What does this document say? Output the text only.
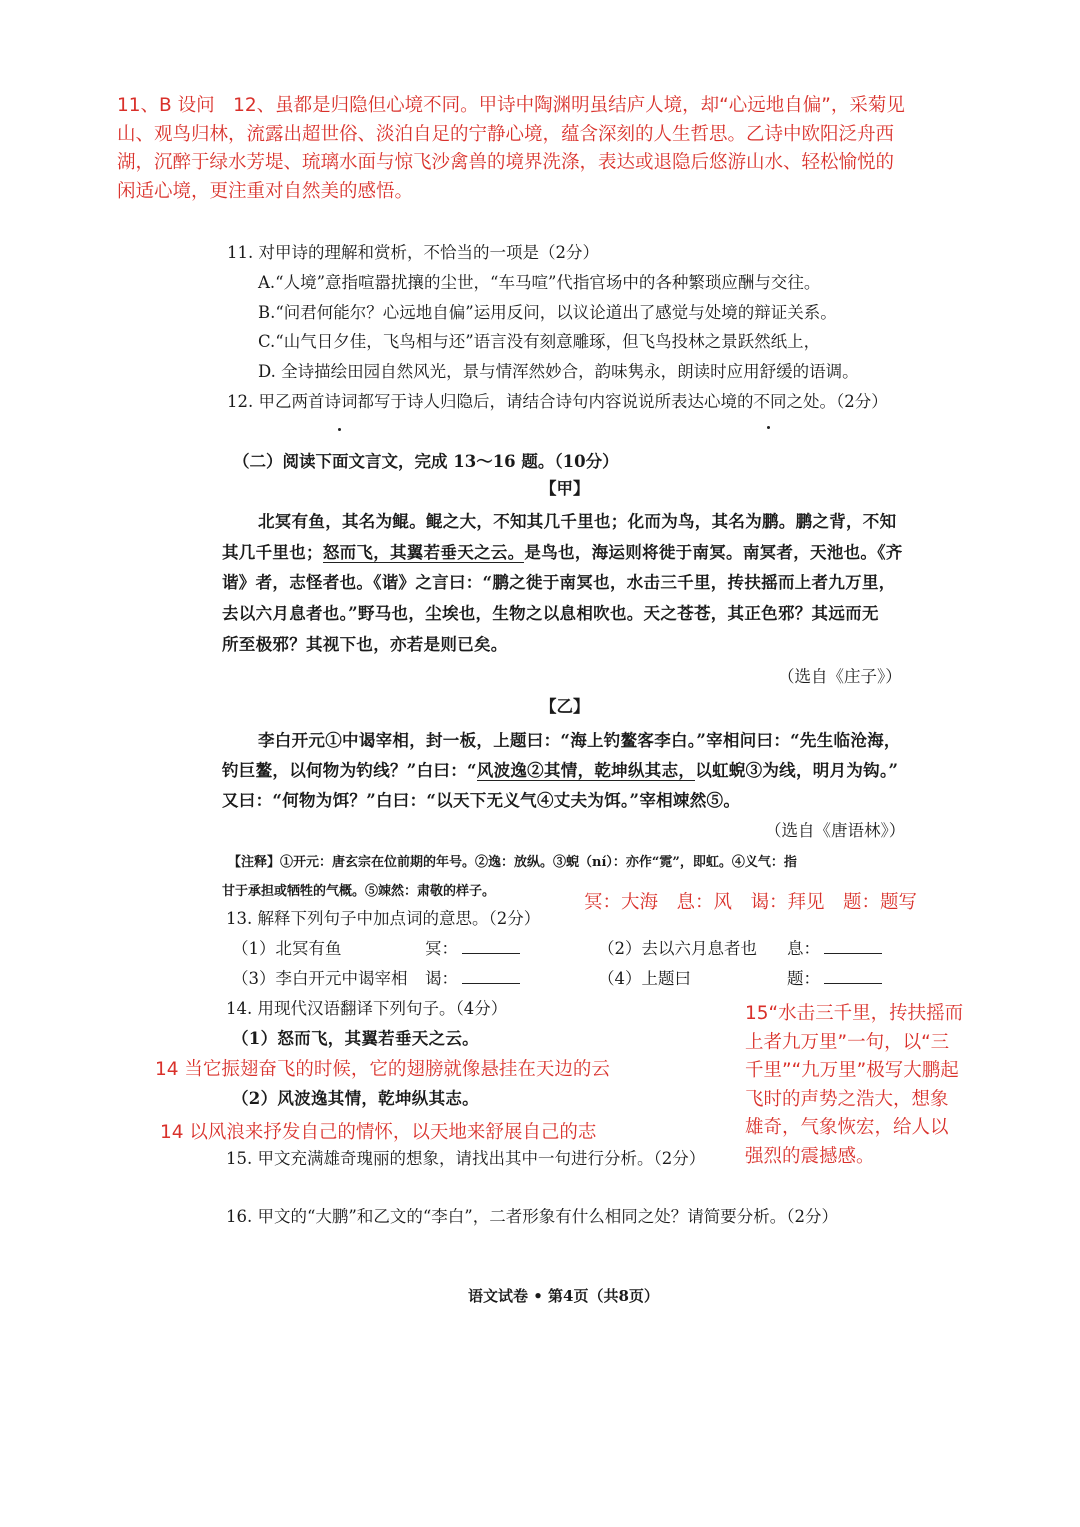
11、B 设问　12、虽都是归隐但心境不同。甲诗中陶渊明虽结庐人境，却“心远地自偏”，采菊见
山、观鸟归林，流露出超世俗、淡泊自足的宁静心境，蕴含深刻的人生哲思。乙诗中欧阳泛舟西
湖，沉醉于绿水芳堤、琉璃水面与惊飞沙禽兽的境界洗涤，表达或退隐后悠游山水、轻松愉悦的
闲适心境，更注重对自然美的感悟。
11. 对甲诗的理解和赏析，不恰当的一项是（2分）
A.“人境”意指喧嚣扰攘的尘世，“车马喧”代指官场中的各种繁琐应酬与交往。
B.“问君何能尔？心远地自偏”运用反问，以议论道出了感觉与处境的辩证关系。
C.“山气日夕佳，飞鸟相与还”语言没有刻意雕琢，但飞鸟投林之景跃然纸上，
D. 全诗描绘田园自然风光，景与情浑然妙合，韵味隽永，朗读时应用舒缓的语调。
12. 甲乙两首诗词都写于诗人归隐后，请结合诗句内容说说所表达心境的不同之处。（2分）
（二）阅读下面文言文，完成 13～16 题。（10分）
【甲】
北冥有鱼，其名为鲲。鲲之大，不知其几千里也；化而为鸟，其名为鹏。鹏之背，不知
其几千里也；怒而飞，其翼若垂天之云。是鸟也，海运则将徙于南冥。南冥者，天池也。《齐
谐》者，志怪者也。《谐》之言曰：“鹏之徙于南冥也，水击三千里，抟扶摇而上者九万里，
去以六月息者也。”野马也，尘埃也，生物之以息相吹也。天之苍苍，其正色邪？其远而无
所至极邪？其视下也，亦若是则已矣。
（选自《庄子》）
【乙】
李白开元①中谒宰相，封一板，上题曰：“海上钓鳌客李白。”宰相问曰：“先生临沧海，
钓巨鳌，以何物为钓线？”白曰：“风波逸②其情，乾坤纵其志，以虹蜺③为线，明月为钩。”
又曰：“何物为饵？”白曰：“以天下无义气④丈夫为饵。”宰相竦然⑤。
（选自《唐语林》）
【注释】①开元：唐玄宗在位前期的年号。②逸：放纵。③蜺（ní）：亦作“霓”，即虹。④义气：指
甘于承担或牺牲的气概。⑤竦然：肃敬的样子。
冥：大海　息：风　谒：拜见　题：题写
13. 解释下列句子中加点词的意思。（2分）
（1）北冥有鱼	冥：	（2）去以六月息者也 息：
（3）李白开元中谒宰相 谒：	（4）上题曰	题：
15“水击三千里，抟扶摇而
上者九万里”一句，以“三
千里”“九万里”极写大鹏起
飞时的声势之浩大，想象
雄奇，气象恢宏，给人以
强烈的震撼感。
14. 用现代汉语翻译下列句子。（4分）
（1）怒而飞，其翼若垂天之云。
14 当它振翅奋飞的时候，它的翅膀就像悬挂在天边的云
（2）风波逸其情，乾坤纵其志。
14 以风浪来抒发自己的情怀，以天地来舒展自己的志
15. 甲文充满雄奇瑰丽的想象，请找出其中一句进行分析。（2分）
16. 甲文的“大鹏”和乙文的“李白”，二者形象有什么相同之处？请简要分析。（2分）
语文试卷 • 第4页（共8页）
